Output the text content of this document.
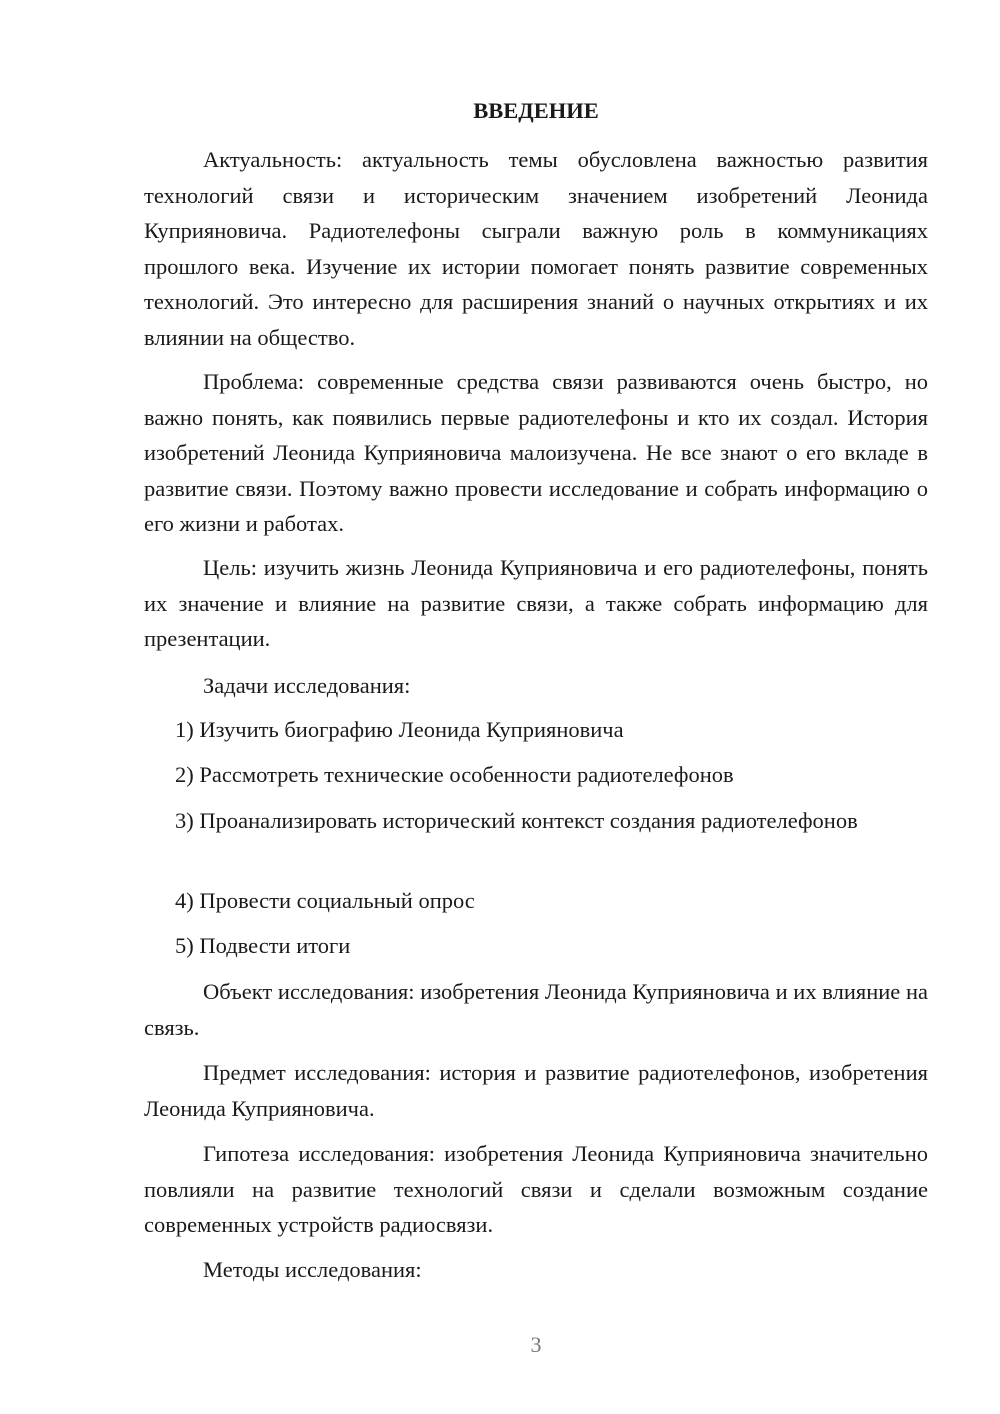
ВВЕДЕНИЕ

Актуальность: актуальность темы обусловлена важностью развития технологий связи и историческим значением изобретений Леонида Куприяновича. Радиотелефоны сыграли важную роль в коммуникациях прошлого века. Изучение их истории помогает понять развитие современных технологий. Это интересно для расширения знаний о научных открытиях и их влиянии на общество.

Проблема: современные средства связи развиваются очень быстро, но важно понять, как появились первые радиотелефоны и кто их создал. История изобретений Леонида Куприяновича малоизучена. Не все знают о его вкладе в развитие связи. Поэтому важно провести исследование и собрать информацию о его жизни и работах.

Цель: изучить жизнь Леонида Куприяновича и его радиотелефоны, понять их значение и влияние на развитие связи, а также собрать информацию для презентации.

Задачи исследования:

1) Изучить биографию Леонида Куприяновича

2) Рассмотреть технические особенности радиотелефонов

3) Проанализировать исторический контекст создания радиотелефонов

4) Провести социальный опрос

5) Подвести итоги

Объект исследования: изобретения Леонида Куприяновича и их влияние на связь.

Предмет исследования: история и развитие радиотелефонов, изобретения Леонида Куприяновича.

Гипотеза исследования: изобретения Леонида Куприяновича значительно повлияли на развитие технологий связи и сделали возможным создание современных устройств радиосвязи.

Методы исследования:

3
